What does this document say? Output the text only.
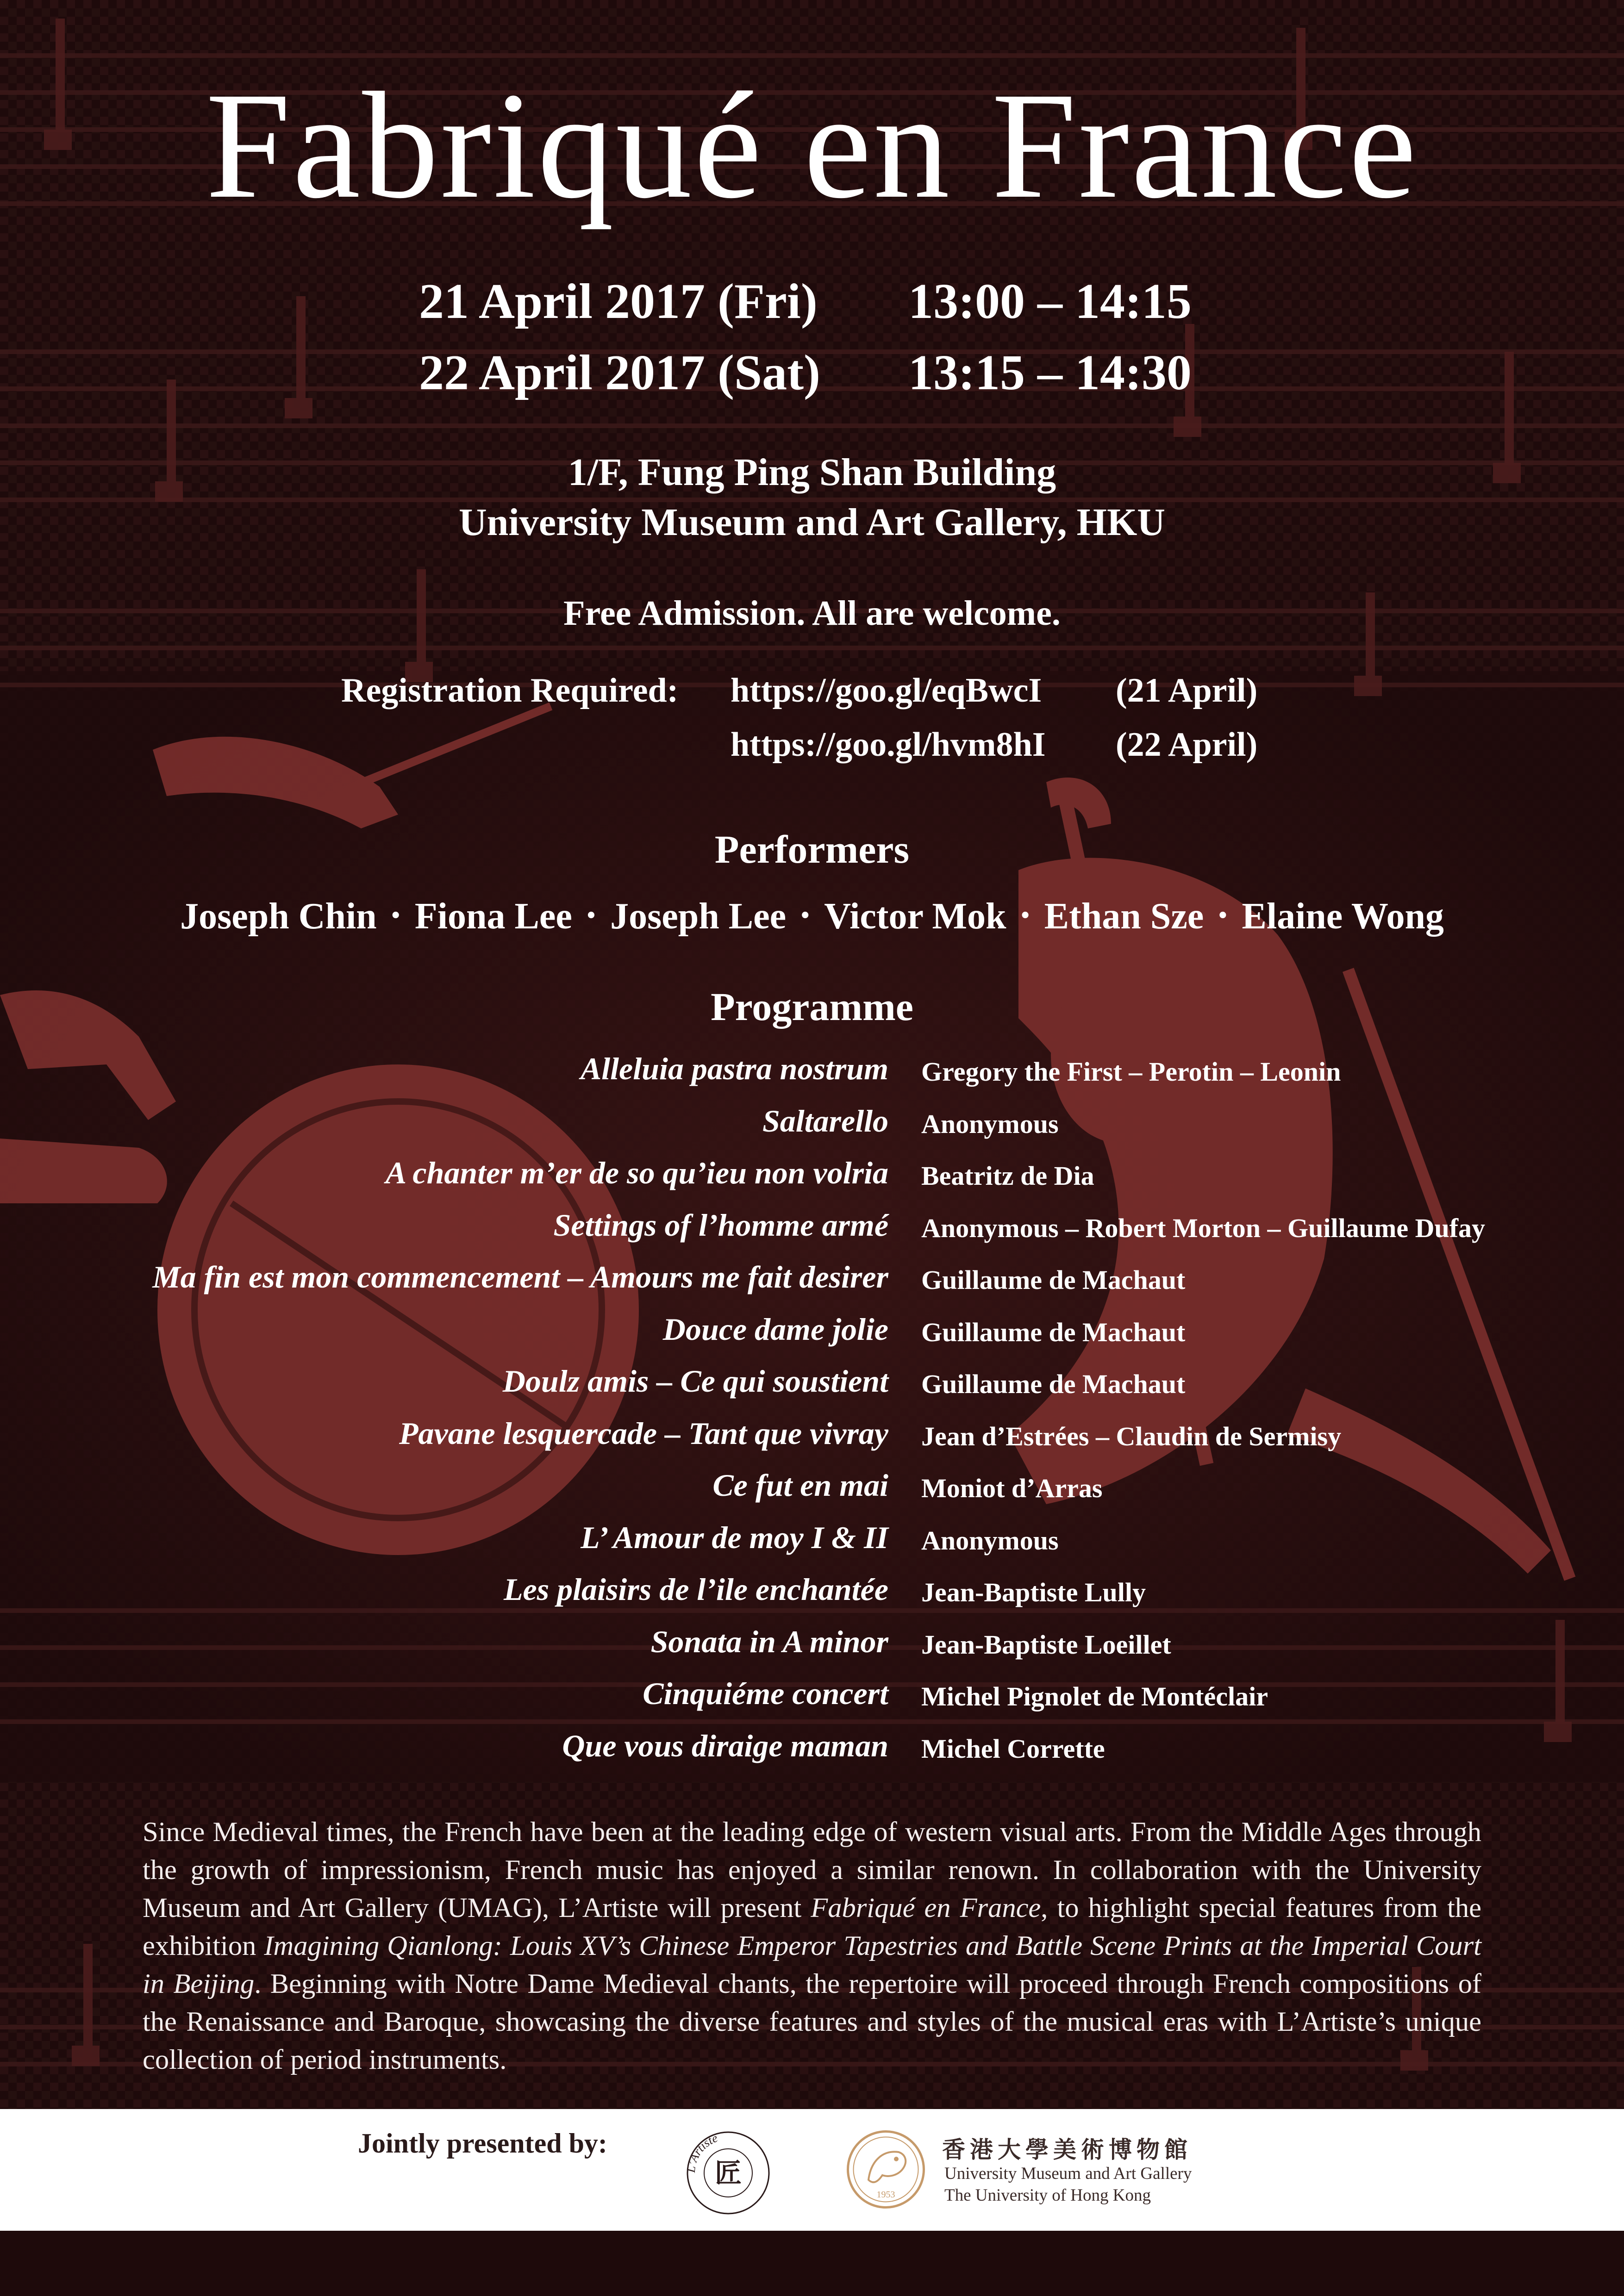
Fabriqué en France
21 April 2017 (Fri) 13:00 – 14:15
22 April 2017 (Sat) 13:15 – 14:30
1/F, Fung Ping Shan Building
University Museum and Art Gallery, HKU
Free Admission. All are welcome.
Registration Required: https://goo.gl/eqBwcI (21 April)
https://goo.gl/hvm8hI (22 April)
Performers
Joseph Chin • Fiona Lee • Joseph Lee • Victor Mok • Ethan Sze • Elaine Wong
Programme
Alleluia pastra nostrum Gregory the First – Perotin – Leonin
Saltarello Anonymous
A chanter m’er de so qu’ieu non volria Beatritz de Dia
Settings of l’homme armé Anonymous – Robert Morton – Guillaume Dufay
Ma fin est mon commencement – Amours me fait desirer Guillaume de Machaut
Douce dame jolie Guillaume de Machaut
Doulz amis – Ce qui soustient Guillaume de Machaut
Pavane lesquercade – Tant que vivray Jean d’Estrées – Claudin de Sermisy
Ce fut en mai Moniot d’Arras
L’ Amour de moy I & II Anonymous
Les plaisirs de l’ile enchantée Jean-Baptiste Lully
Sonata in A minor Jean-Baptiste Loeillet
Cinquiéme concert Michel Pignolet de Montéclair
Que vous diraige maman Michel Corrette
Since Medieval times, the French have been at the leading edge of western visual arts. From the Middle Ages through the growth of impressionism, French music has enjoyed a similar renown. In collaboration with the University Museum and Art Gallery (UMAG), L’Artiste will present Fabriqué en France, to highlight special features from the exhibition Imagining Qianlong: Louis XV’s Chinese Emperor Tapestries and Battle Scene Prints at the Imperial Court in Beijing. Beginning with Notre Dame Medieval chants, the repertoire will proceed through French compositions of the Renaissance and Baroque, showcasing the diverse features and styles of the musical eras with L’Artiste’s unique collection of period instruments.
Jointly presented by:
L’Artiste
匠
1953
香港大學美術博物館
University Museum and Art Gallery
The University of Hong Kong
